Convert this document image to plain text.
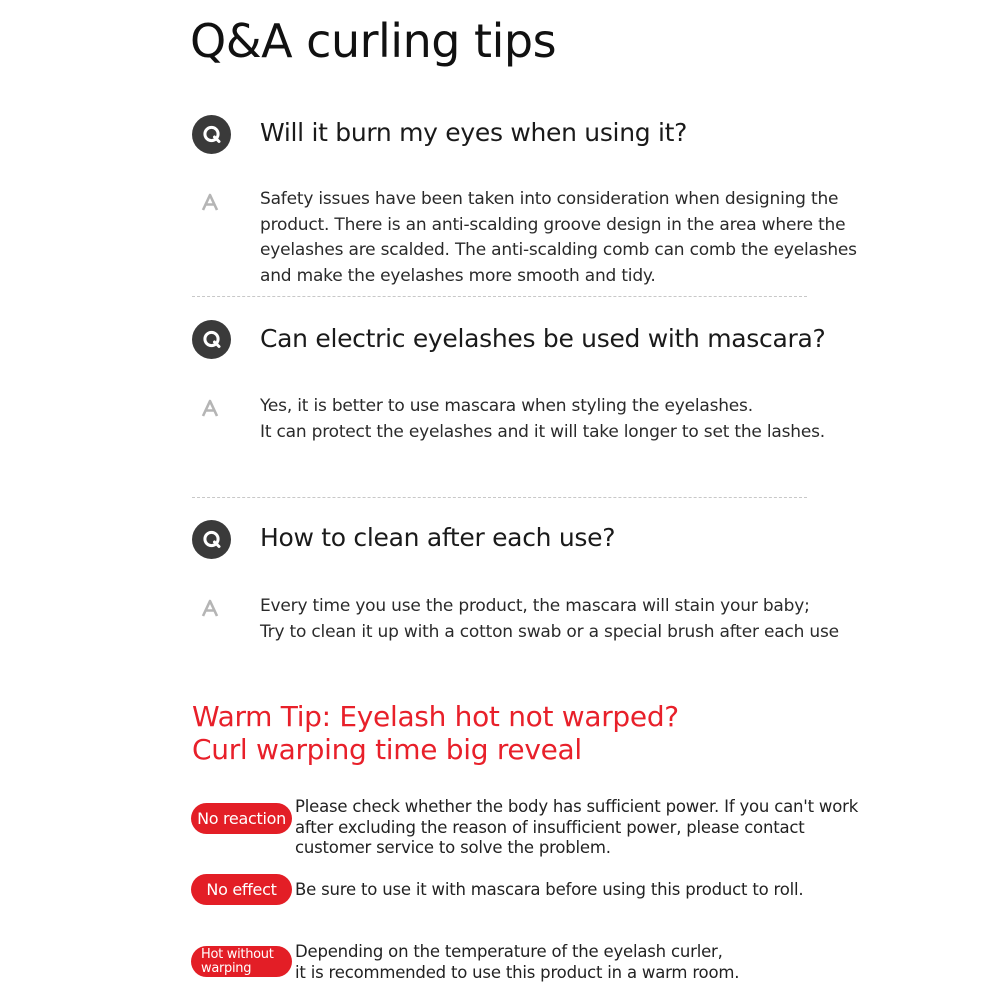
Q&A curling tips
Will it burn my eyes when using it?
Safety issues have been taken into consideration when designing the
product. There is an anti-scalding groove design in the area where the
eyelashes are scalded. The anti-scalding comb can comb the eyelashes
and make the eyelashes more smooth and tidy.
Can electric eyelashes be used with mascara?
Yes, it is better to use mascara when styling the eyelashes.
It can protect the eyelashes and it will take longer to set the lashes.
How to clean after each use?
Every time you use the product, the mascara will stain your baby;
Try to clean it up with a cotton swab or a special brush after each use
Warm Tip: Eyelash hot not warped?
Curl warping time big reveal
No reaction
Please check whether the body has sufficient power. If you can't work
after excluding the reason of insufficient power, please contact
customer service to solve the problem.
No effect	Be sure to use it with mascara before using this product to roll.
Hot without
warping
Depending on the temperature of the eyelash curler,
it is recommended to use this product in a warm room.
